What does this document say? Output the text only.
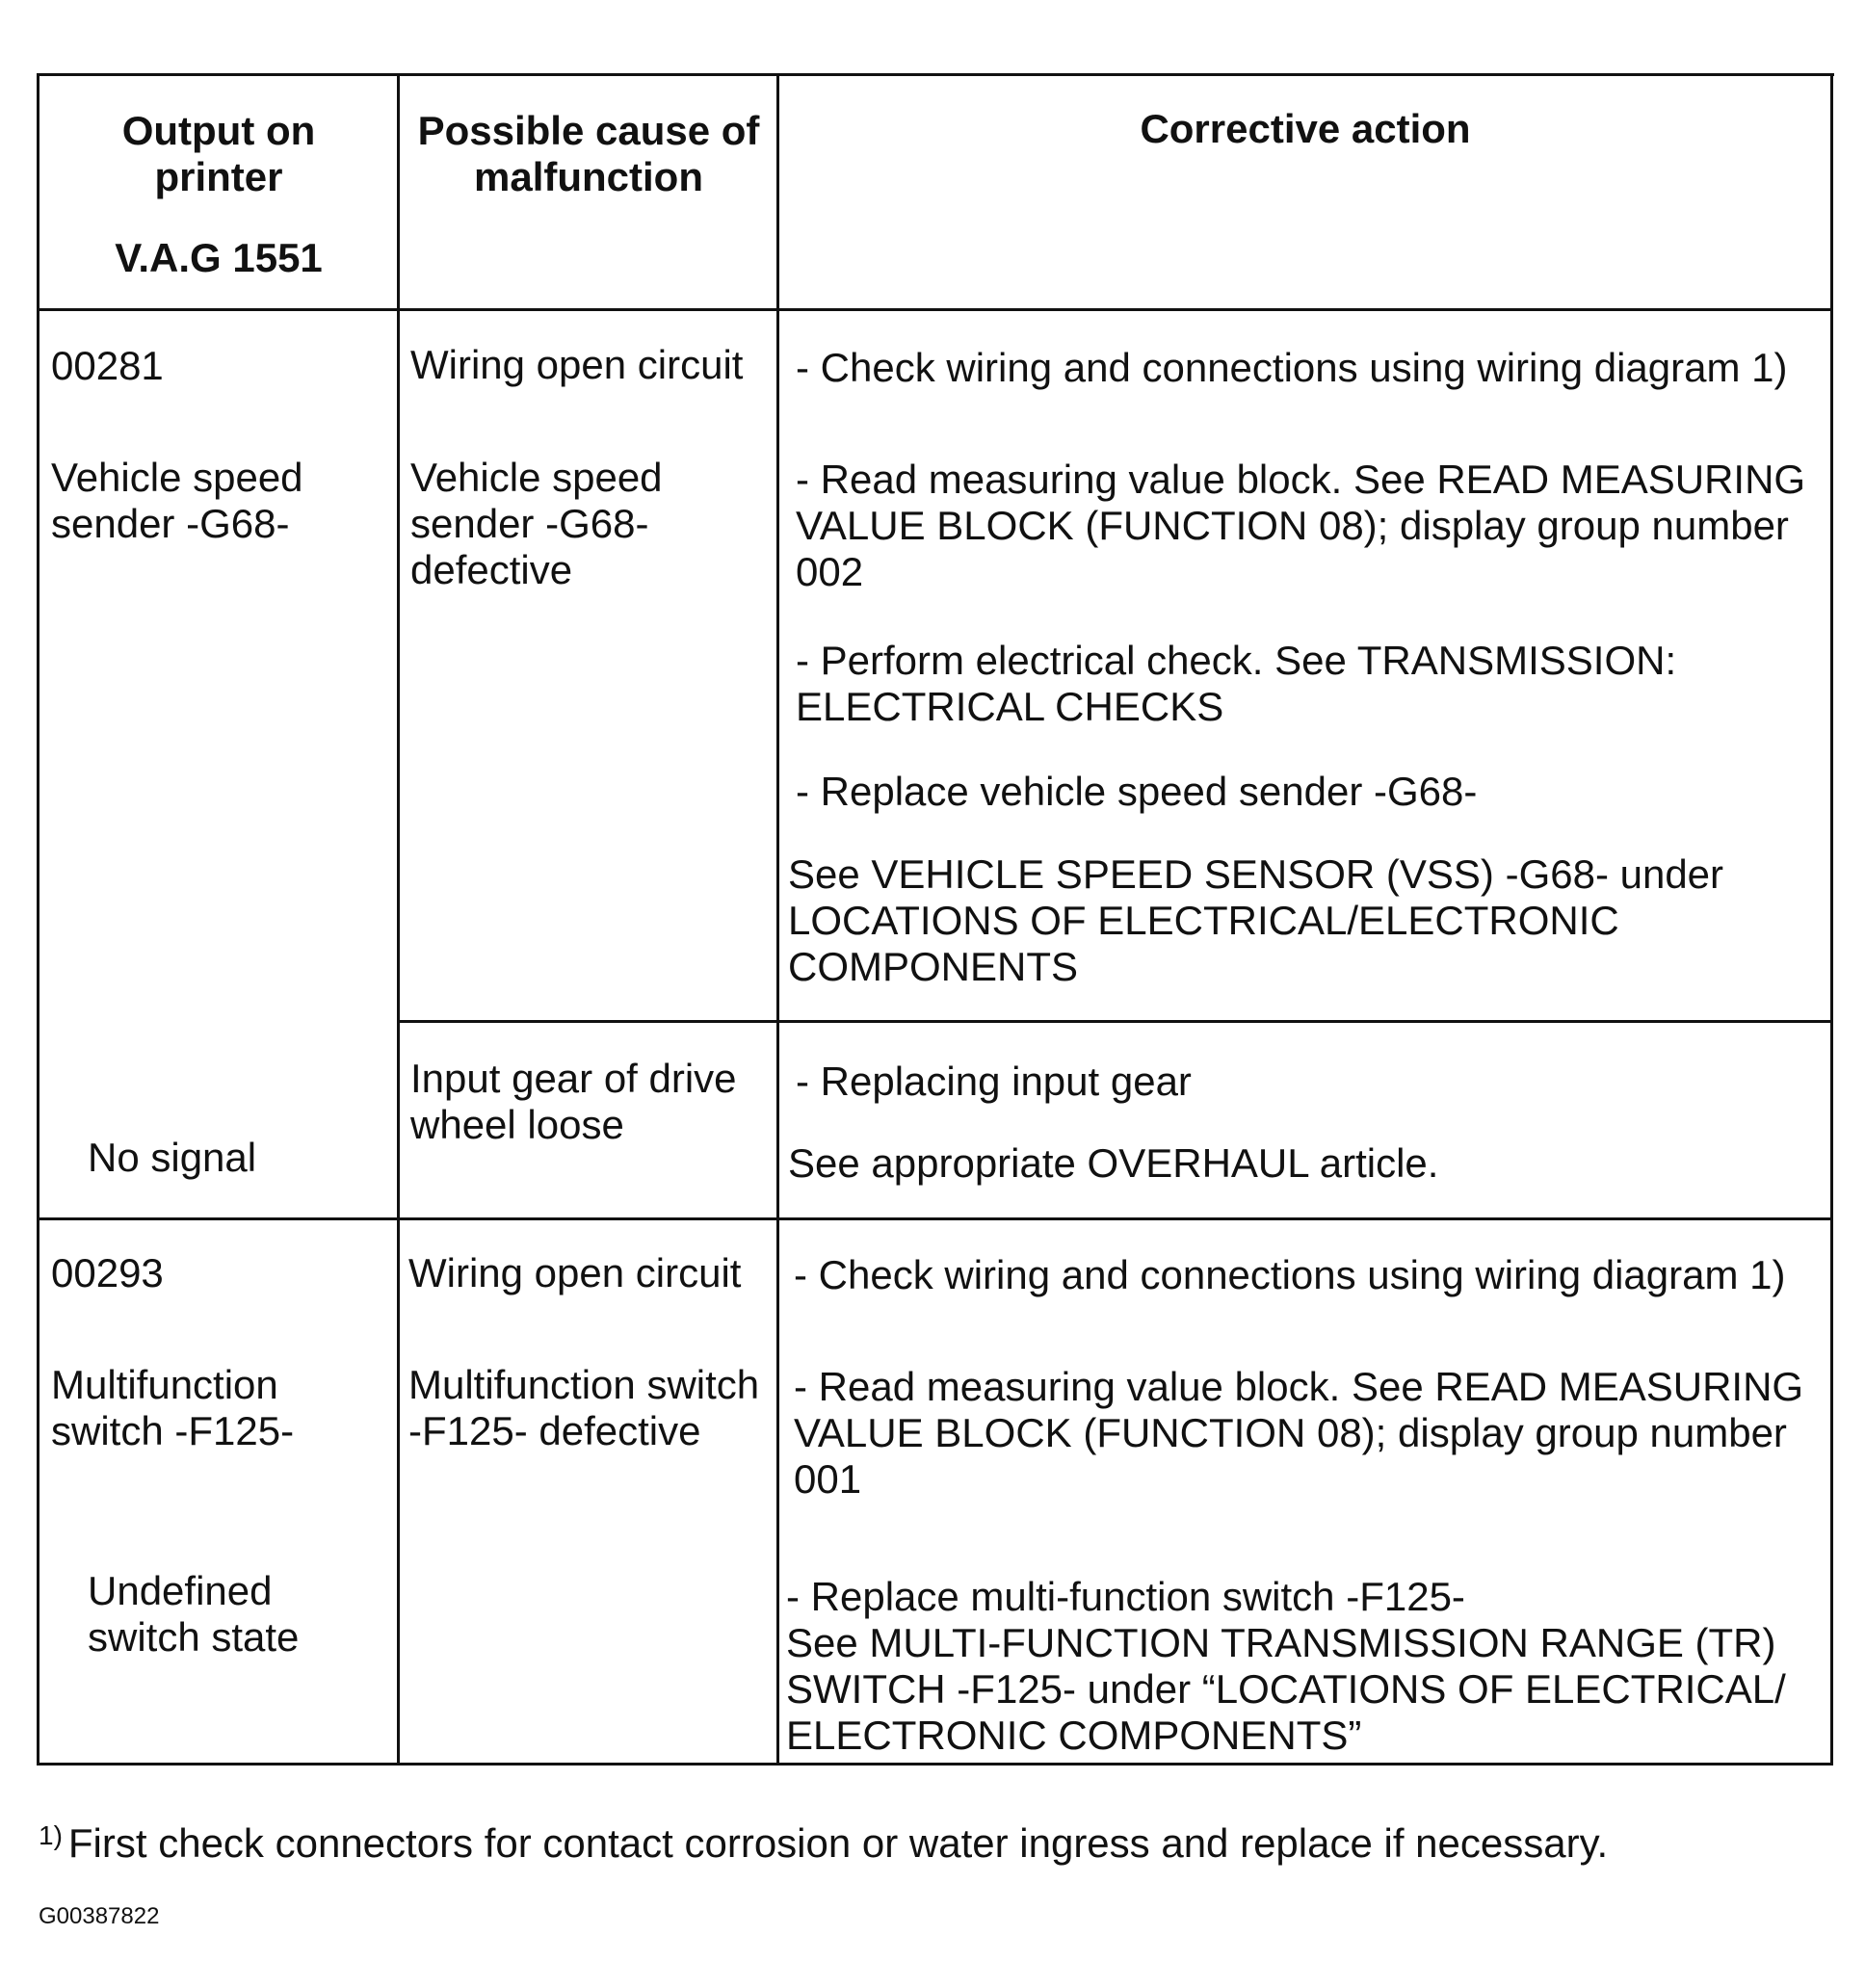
Output on
printer
V.A.G 1551
Possible cause of
malfunction
Corrective action
00281
Vehicle speed
sender -G68-
No signal
Wiring open circuit - Check wiring and connections using wiring diagram 1)
Vehicle speed
sender -G68-
defective
- Read measuring value block. See READ MEASURING
VALUE BLOCK (FUNCTION 08); display group number
002
- Perform electrical check. See TRANSMISSION:
ELECTRICAL CHECKS
- Replace vehicle speed sender -G68-
See VEHICLE SPEED SENSOR (VSS) -G68- under
LOCATIONS OF ELECTRICAL/ELECTRONIC
COMPONENTS
Input gear of drive
wheel loose
- Replacing input gear
See appropriate OVERHAUL article.
00293
Multifunction
switch -F125-
Undefined
switch state
Wiring open circuit - Check wiring and connections using wiring diagram 1)
Multifunction switch
-F125- defective
- Read measuring value block. See READ MEASURING
VALUE BLOCK (FUNCTION 08); display group number
001
- Replace multi-function switch -F125-
See MULTI-FUNCTION TRANSMISSION RANGE (TR)
SWITCH -F125- under “LOCATIONS OF ELECTRICAL/
ELECTRONIC COMPONENTS”
$^{1)}$ First check connectors for contact corrosion or water ingress and replace if necessary.
G00387822
